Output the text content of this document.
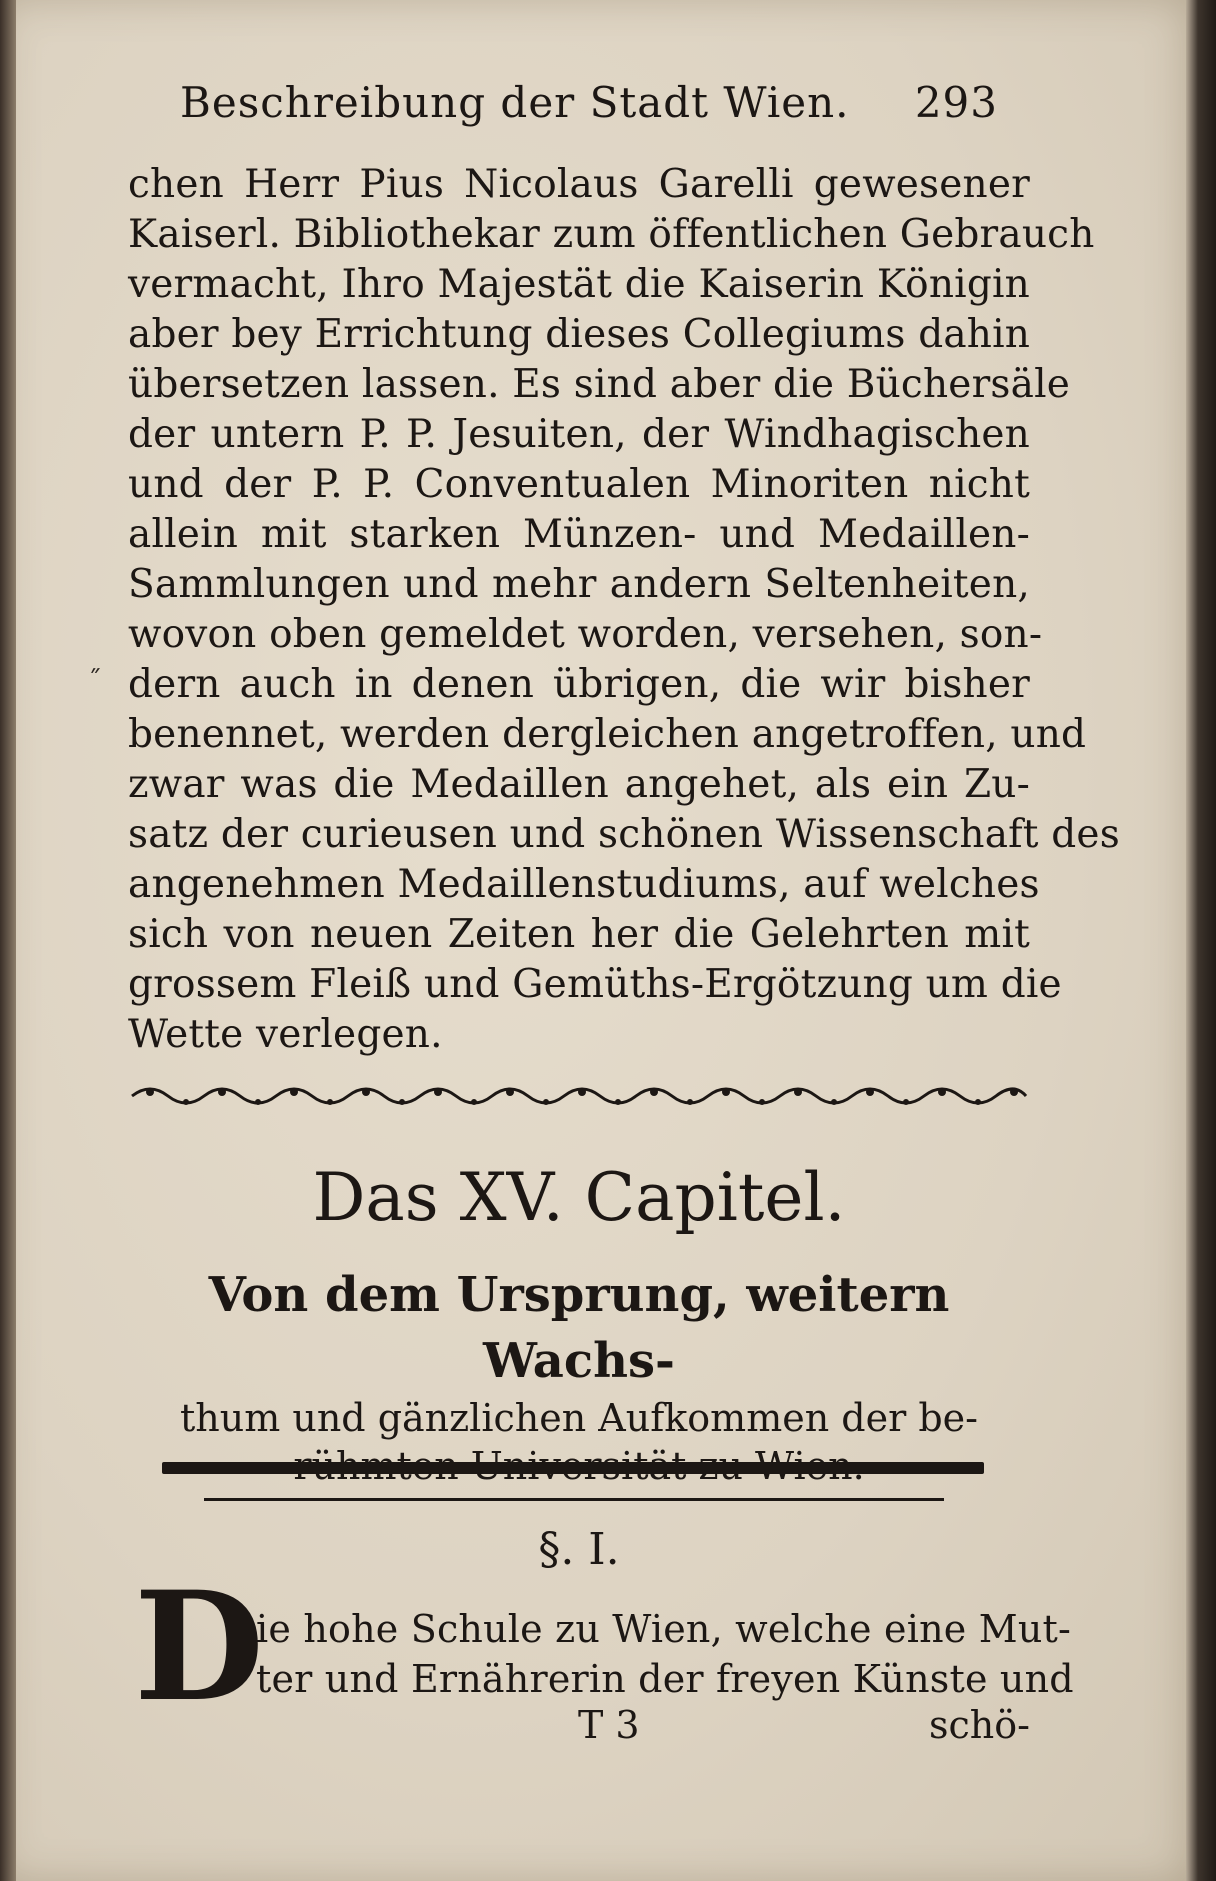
Beschreibung der Stadt Wien. 293
˝
chen Herr Pius Nicolaus Garelli gewesener
Kaiserl. Bibliothekar zum öffentlichen Gebrauch
vermacht, Ihro Majestät die Kaiserin Königin
aber bey Errichtung dieses Collegiums dahin
übersetzen lassen. Es sind aber die Büchersäle
der untern P. P. Jesuiten, der Windhagischen
und der P. P. Conventualen Minoriten nicht
allein mit starken Münzen- und Medaillen-
Sammlungen und mehr andern Seltenheiten,
wovon oben gemeldet worden, versehen, son-
dern auch in denen übrigen, die wir bisher
benennet, werden dergleichen angetroffen, und
zwar was die Medaillen angehet, als ein Zu-
satz der curieusen und schönen Wissenschaft des
angenehmen Medaillenstudiums, auf welches
sich von neuen Zeiten her die Gelehrten mit
grossem Fleiß und Gemüths-Ergötzung um die
Wette verlegen.
Das XV. Capitel.
Von dem Ursprung, weitern Wachs-
thum und gänzlichen Aufkommen der be-
§. I.
D
ie hohe Schule zu Wien, welche eine Mut-
ter und Ernährerin der freyen Künste und
T 3	schö-
